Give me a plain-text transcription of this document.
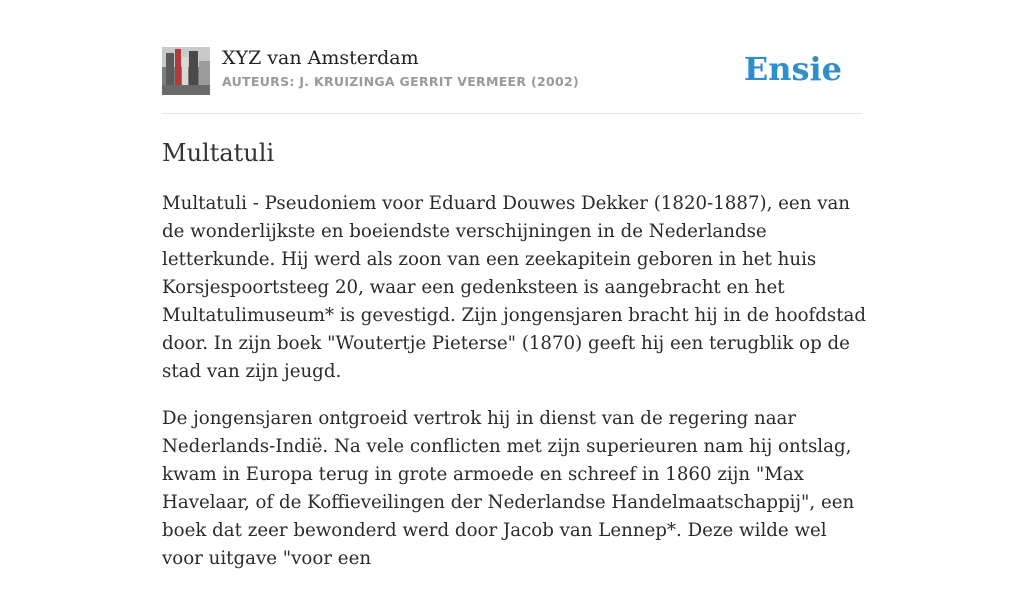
XYZ van Amsterdam
AUTEURS: J. KRUIZINGA GERRIT VERMEER (2002)	Ensie
Multatuli

Multatuli - Pseudoniem voor Eduard Douwes Dekker (1820-1887), een van de wonderlijkste en boeiendste verschijningen in de Nederlandse letterkunde. Hij werd als zoon van een zeekapitein geboren in het huis Korsjespoortsteeg 20, waar een gedenksteen is aangebracht en het Multatulimuseum* is gevestigd. Zijn jongensjaren bracht hij in de hoofdstad door. In zijn boek "Woutertje Pieterse" (1870) geeft hij een terugblik op de stad van zijn jeugd.

De jongensjaren ontgroeid vertrok hij in dienst van de regering naar Nederlands-Indië. Na vele conflicten met zijn superieuren nam hij ontslag, kwam in Europa terug in grote armoede en schreef in 1860 zijn "Max Havelaar, of de Koffieveilingen der Nederlandse Handelmaatschappij", een boek dat zeer bewonderd werd door Jacob van Lennep*. Deze wilde wel voor uitgave "voor een
